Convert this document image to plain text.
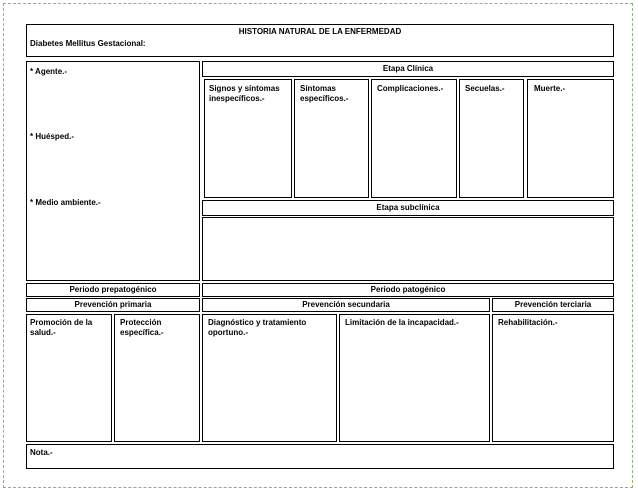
HISTORIA NATURAL DE LA ENFERMEDAD
Diabetes Mellitus Gestacional:
* Agente.-
* Huésped.-
* Medio ambiente.-
Etapa Clínica
Signos y síntomas
inespecíficos.-
Síntomas
específicos.-
Complicaciones.-	Secuelas.-	Muerte.-
Etapa subclínica
Periodo prepatogénico	Periodo patogénico
Prevención primaria	Prevención secundaria	Prevención terciaria
Promoción de la
salud.-
Protección
específica.-
Diagnóstico y tratamiento
oportuno.-
Limitación de la incapacidad.-	Rehabilitación.-
Nota.-
